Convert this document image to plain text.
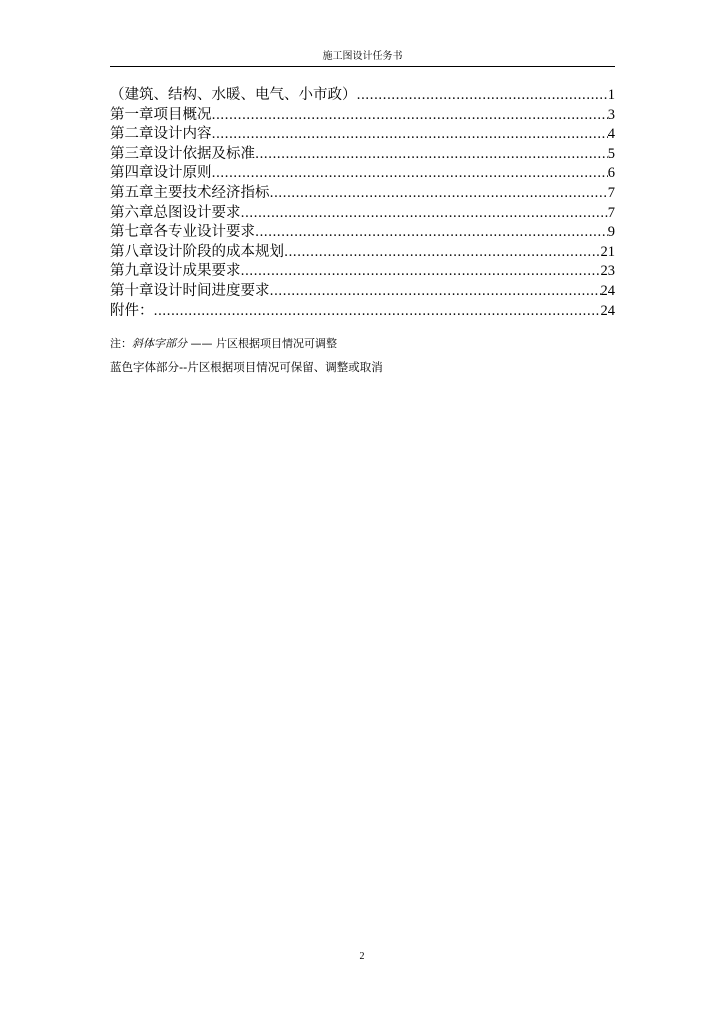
施工图设计任务书
（建筑、结构、水暖、电气、小市政） .....	1
第一章项目概况 .....	3
第二章设计内容 .....	4
第三章设计依据及标准 .....	5
第四章设计原则 .....	6
第五章主要技术经济指标 .....	7
第六章总图设计要求 .....	7
第七章各专业设计要求 .....	9
第八章设计阶段的成本规划 .....	21
第九章设计成果要求 .....	23
第十章设计时间进度要求 .....	24
附件： .....	24
注：斜体字部分 —— 片区根据项目情况可调整
蓝色字体部分--片区根据项目情况可保留、调整或取消
2
